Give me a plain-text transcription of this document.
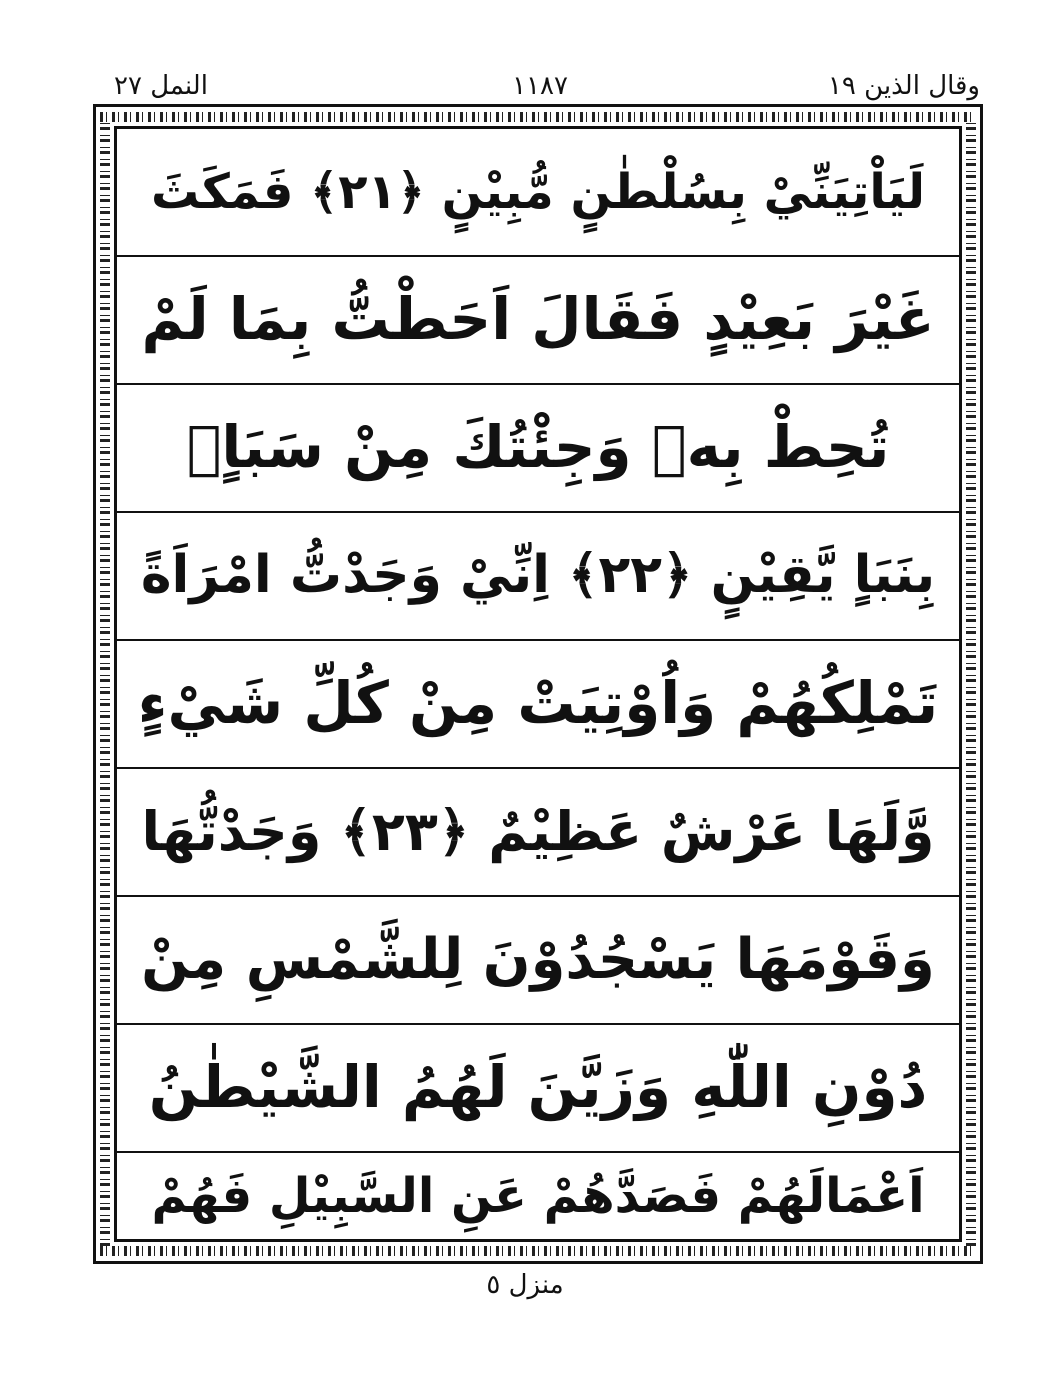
النمل ٢٧	١١٨٧	وقال الذين ١٩
لَيَاْتِيَنِّيْ بِسُلْطٰنٍ مُّبِيْنٍ ﴿٢١﴾ فَمَكَثَ
غَيْرَ بَعِيْدٍ فَقَالَ اَحَطْتُّ بِمَا لَمْ
تُحِطْ بِهٖ وَجِئْتُكَ مِنْ سَبَاٍۭ
بِنَبَاٍ يَّقِيْنٍ ﴿٢٢﴾ اِنِّيْ وَجَدْتُّ امْرَاَةً
تَمْلِكُهُمْ وَاُوْتِيَتْ مِنْ كُلِّ شَيْءٍ
وَّلَهَا عَرْشٌ عَظِيْمٌ ﴿٢٣﴾ وَجَدْتُّهَا
وَقَوْمَهَا يَسْجُدُوْنَ لِلشَّمْسِ مِنْ
دُوْنِ اللّٰهِ وَزَيَّنَ لَهُمُ الشَّيْطٰنُ
اَعْمَالَهُمْ فَصَدَّهُمْ عَنِ السَّبِيْلِ فَهُمْ
منزل ٥
